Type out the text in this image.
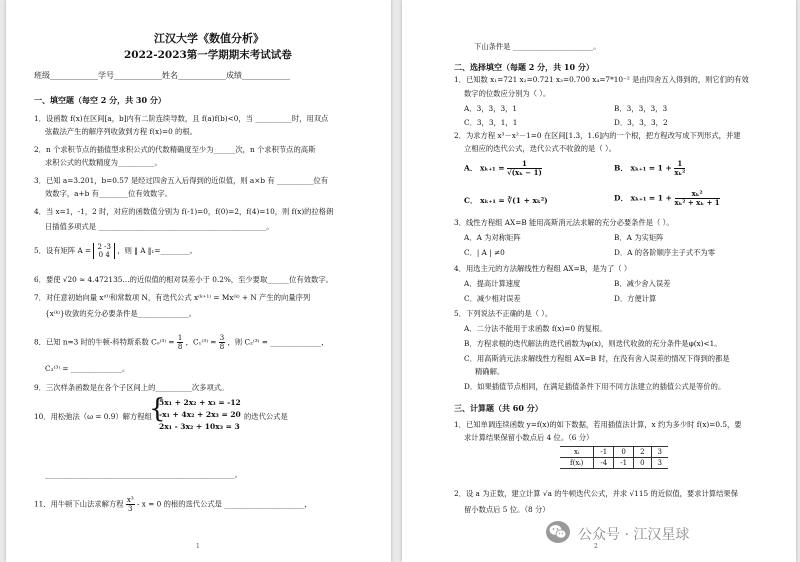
江汉大学《数值分析》
2022-2023第一学期期末考试试卷
班级____________学号____________姓名____________成绩____________
一、填空题（每空 2 分，共 30 分）
1．设函数 f(x)在区间[a，b]内有二阶连续导数，且 f(a)f(b)<0，当 __________时，用双点
弦截法产生的解序列收敛到方程 f(x)=0 的根。
2．n 个求积节点的插值型求积公式的代数精确度至少为______次，n 个求积节点的高斯
求积公式的代数精度为__________。
3．已知 a=3.201，b=0.57 是经过四舍五入后得到的近似值，则 a×b 有 __________位有
效数字，a+b 有________位有效数字。
4．当 x=1，-1，2 时，对应的函数值分别为 f(-1)=0，f(0)=2，f(4)=10，则 f(x)的拉格朗
日插值多项式是 ______________________________________________。
5．设有矩阵 A = 2 -3
0 4 ，则 ‖ A ‖₁=________。
6．要使 √20 ≈ 4.472135…的近似值的相对误差小于 0.2%，至少要取______位有效数字。
7．对任意初始向量 x⁽⁰⁾和常数项 N，有迭代公式 x⁽ᵏ⁺¹⁾ = Mx⁽ᵏ⁾ + N 产生的向量序列
{x⁽ᵏ⁾}收敛的充分必要条件是______________。
8．已知 n=3 时的牛顿-科特斯系数 $C_0^{(3)} = \frac{1}{8}$ ，$C_1^{(3)} = \frac{3}{8}$ ，则 C₂⁽³⁾ = ______________，
C₃⁽³⁾ = ______________。
9．三次样条函数是在各个子区间上的__________次多项式。
10．用松弛法（ω = 0.9）解方程组
{
5x₁ + 2x₂ + x₃ = -12
-x₁ + 4x₂ + 2x₃ = 20
2x₁ - 3x₂ + 10x₃ = 3
的迭代公式是
____________________________________________________。
11．用牛顿下山法求解方程 $\frac{\text{x³}}{3} - x = 0$ 的根的迭代公式是 ______________________，
1
下山条件是 ______________________。
二、选择填空（每题 2 分，共 10 分）
1．已知数 x₁=721 x₂=0.721 x₃=0.700 x₄=7*10⁻² 是由四舍五入得到的，则它们的有效
数字的位数应分别为（ ）。
A．3，3，3，1	B．3，3，3，3
C．3，3，1，1	D．3，3，3，2
2．为求方程 x³－x²－1=0 在区间[1.3，1.6]内的一个根，把方程改写成下列形式，并建
立相应的迭代公式，迭代公式不收敛的是（ ）。
A． $x_{k+1} = \frac{1}{\text{√(xₖ − 1)}}$	B． $x_{k+1} = 1 + \frac{1}{\text{xₖ²}}$
C． xₖ₊₁ = ∛(1 + xₖ²)	D． $x_{k+1} = 1 + \frac{\text{xₖ²}}{\text{xₖ² + xₖ + 1}}$
3．线性方程组 AX=B 能用高斯消元法求解的充分必要条件是（ ）。
A．A 为对称矩阵	B．A 为实矩阵
C．| A | ≠0	D．A 的各阶顺序主子式不为零
4．用选主元的方法解线性方程组 AX=B，是为了（ ）
A．提高计算速度	B．减少舍入误差
C．减少相对误差	D．方便计算
5．下列说法不正确的是（ ）。
A．二分法不能用于求函数 f(x)=0 的复根。
B．方程求根的迭代解法的迭代函数为φ(x)，则迭代收敛的充分条件是φ(x)<1。
C．用高斯消元法求解线性方程组 AX=B 时，在没有舍入误差的情况下得到的都是
精确解。
D．如果插值节点相同，在满足插值条件下用不同方法建立的插值公式是等价的。
三、计算题（共 60 分）
1．已知单调连续函数 y=f(x)的如下数据，若用插值法计算，x 约为多少时 f(x)=0.5，要
求计算结果保留小数点后 4 位。（6 分）
xᵢ	-1	0	2	3
f(xᵢ)	-4	-1	0	3
2．设 a 为正数，建立计算 √a 的牛顿迭代公式，并求 √115 的近似值，要求计算结果保
留小数点后 5 位。（8 分）
2
公众号 · 江汉星球
